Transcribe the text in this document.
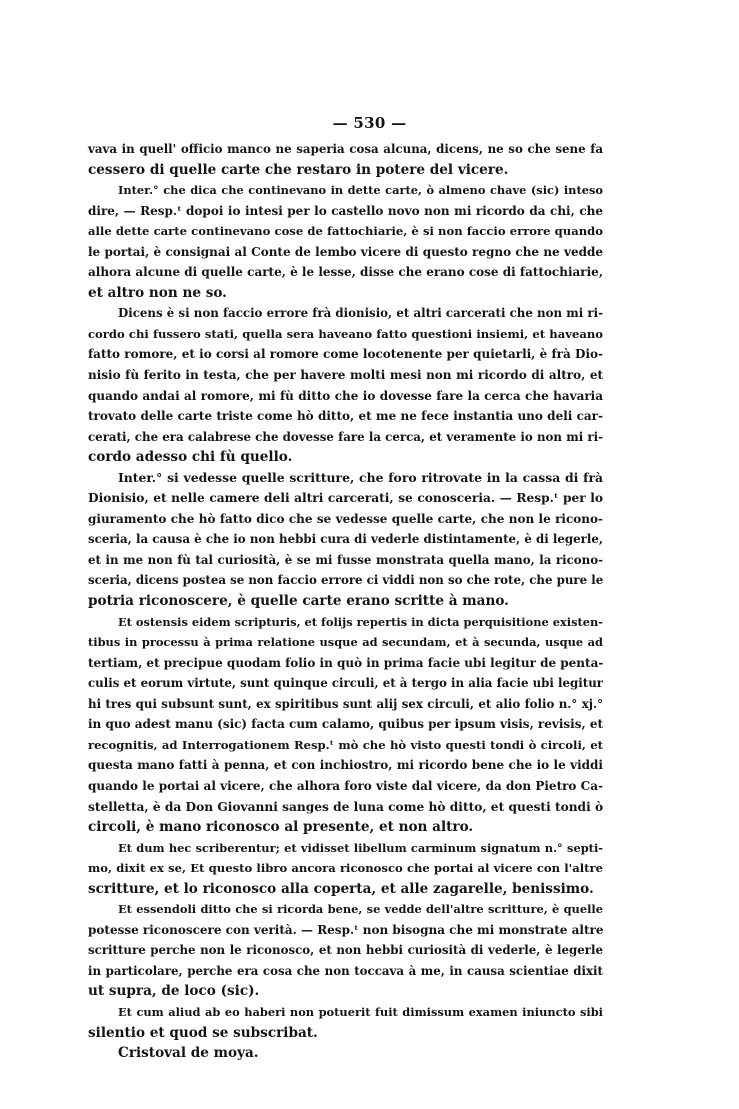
— 530 —
vava in quell' officio manco ne saperia cosa alcuna, dicens, ne so che sene fa
cessero di quelle carte che restaro in potere del vicere.
Inter.° che dica che continevano in dette carte, ò almeno chave (sic) inteso
dire, — Resp.ᵗ dopoi io intesi per lo castello novo non mi ricordo da chi, che
alle dette carte continevano cose de fattochiarie, è si non faccio errore quando
le portai, è consignai al Conte de lembo vicere di questo regno che ne vedde
alhora alcune di quelle carte, è le lesse, disse che erano cose di fattochiarie,
et altro non ne so.
Dicens è si non faccio errore frà dionisio, et altri carcerati che non mi ri-
cordo chi fussero stati, quella sera haveano fatto questioni insiemi, et haveano
fatto romore, et io corsi al romore come locotenente per quietarli, è frà Dio-
nisio fù ferito in testa, che per havere molti mesi non mi ricordo di altro, et
quando andai al romore, mi fù ditto che io dovesse fare la cerca che havaria
trovato delle carte triste come hò ditto, et me ne fece instantia uno deli car-
cerati, che era calabrese che dovesse fare la cerca, et veramente io non mi ri-
cordo adesso chi fù quello.
Inter.° si vedesse quelle scritture, che foro ritrovate in la cassa di frà
Dionisio, et nelle camere deli altri carcerati, se conosceria. — Resp.ᵗ per lo
giuramento che hò fatto dico che se vedesse quelle carte, che non le ricono-
sceria, la causa è che io non hebbi cura di vederle distintamente, è di legerle,
et in me non fù tal curiosità, è se mi fusse monstrata quella mano, la ricono-
sceria, dicens postea se non faccio errore ci viddi non so che rote, che pure le
potria riconoscere, è quelle carte erano scritte à mano.
Et ostensis eidem scripturis, et folijs repertis in dicta perquisitione existen-
tibus in processu à prima relatione usque ad secundam, et à secunda, usque ad
tertiam, et precipue quodam folio in quò in prima facie ubi legitur de penta-
culis et eorum virtute, sunt quinque circuli, et à tergo in alia facie ubi legitur
hi tres qui subsunt sunt, ex spiritibus sunt alij sex circuli, et alio folio n.° xj.°
in quo adest manu (sic) facta cum calamo, quibus per ipsum visis, revisis, et
recognitis, ad Interrogationem Resp.ᵗ mò che hò visto questi tondi ò circoli, et
questa mano fatti à penna, et con inchiostro, mi ricordo bene che io le viddi
quando le portai al vicere, che alhora foro viste dal vicere, da don Pietro Ca-
stelletta, è da Don Giovanni sanges de luna come hò ditto, et questi tondi ò
circoli, è mano riconosco al presente, et non altro.
Et dum hec scriberentur; et vidisset libellum carminum signatum n.° septi-
mo, dixit ex se, Et questo libro ancora riconosco che portai al vicere con l'altre
scritture, et lo riconosco alla coperta, et alle zagarelle, benissimo.
Et essendoli ditto che si ricorda bene, se vedde dell'altre scritture, è quelle
potesse riconoscere con verità. — Resp.ᵗ non bisogna che mi monstrate altre
scritture perche non le riconosco, et non hebbi curiosità di vederle, è legerle
in particolare, perche era cosa che non toccava à me, in causa scientiae dixit
ut supra, de loco (sic).
Et cum aliud ab eo haberi non potuerit fuit dimissum examen iniuncto sibi
silentio et quod se subscribat.
Cristoval de moya.
